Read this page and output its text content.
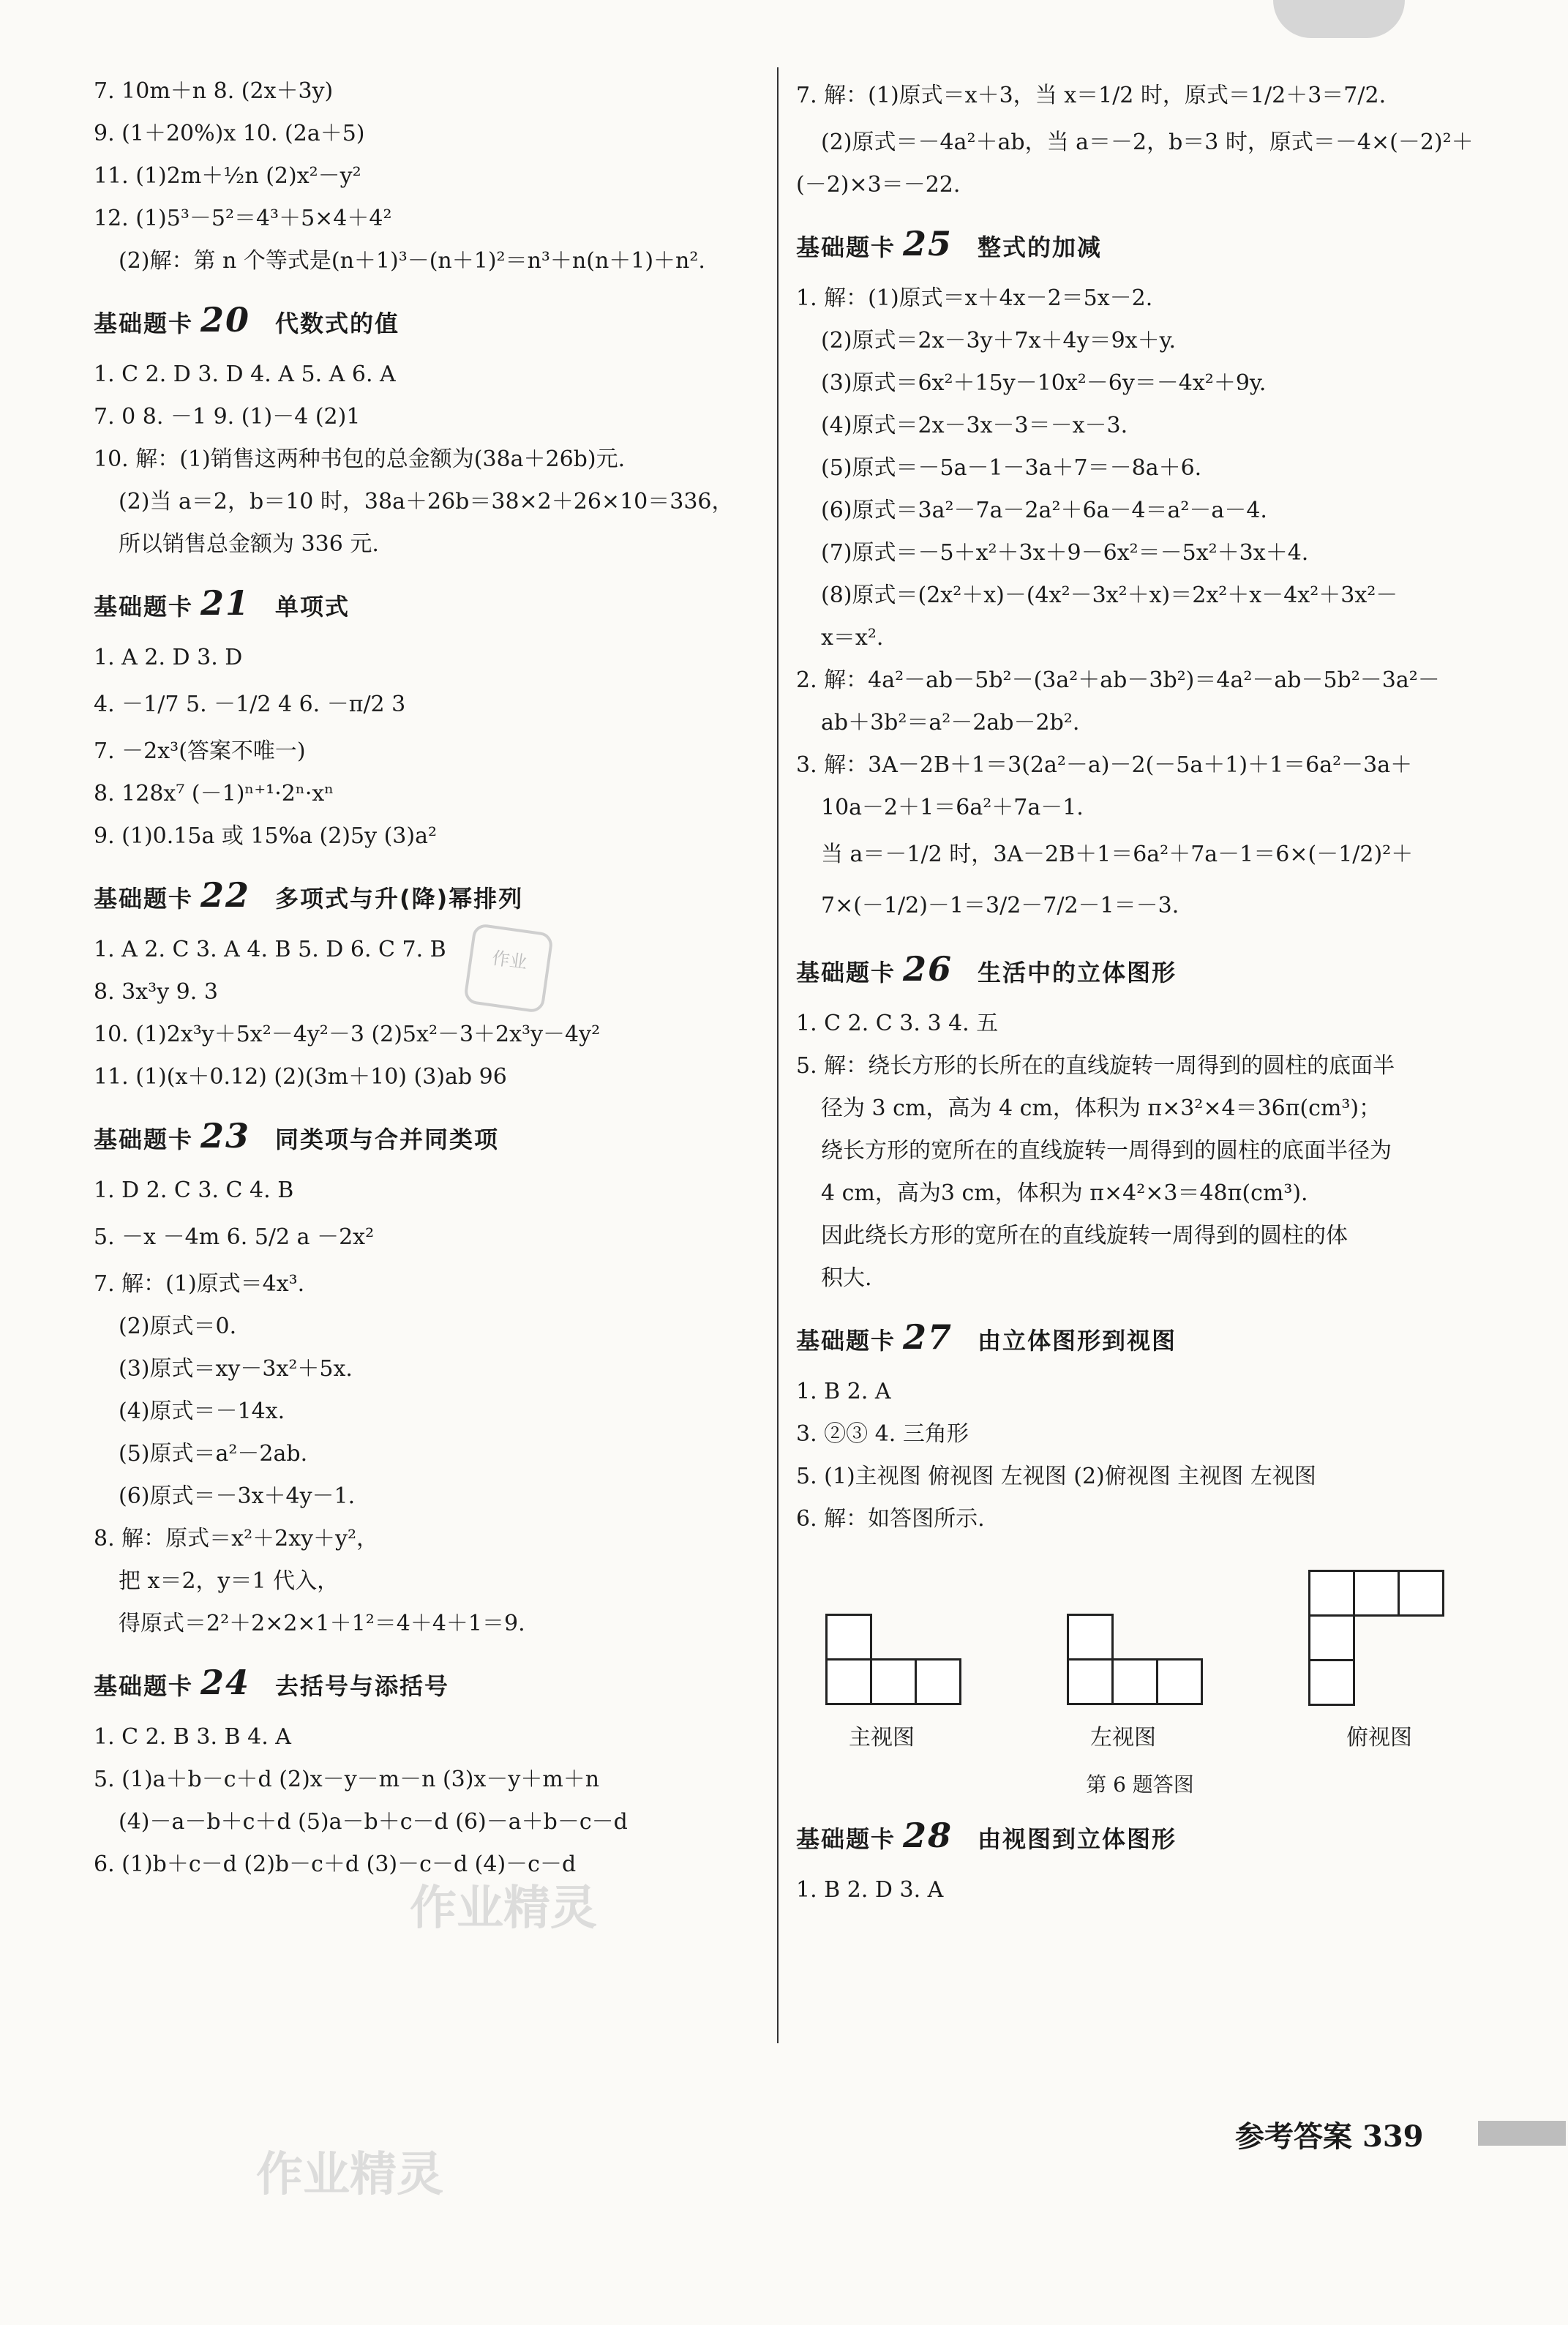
7. 10m＋n 8. (2x＋3y)
9. (1＋20%)x 10. (2a＋5)
11. (1)2m＋½n (2)x²－y²
12. (1)5³－5²＝4³＋5×4＋4²
(2)解：第 n 个等式是(n＋1)³－(n＋1)²＝n³＋n(n＋1)＋n².
基础题卡 20 代数式的值
1. C 2. D 3. D 4. A 5. A 6. A
7. 0 8. －1 9. (1)－4 (2)1
10. 解：(1)销售这两种书包的总金额为(38a＋26b)元.
(2)当 a＝2，b＝10 时，38a＋26b＝38×2＋26×10＝336，
所以销售总金额为 336 元.
基础题卡 21 单项式
1. A 2. D 3. D
4. －1/7 5. －1/2 4 6. －π/2 3
7. －2x³(答案不唯一)
8. 128x⁷ (－1)ⁿ⁺¹·2ⁿ·xⁿ
9. (1)0.15a 或 15%a (2)5y (3)a²
基础题卡 22 多项式与升(降)幂排列
1. A 2. C 3. A 4. B 5. D 6. C 7. B
8. 3x³y 9. 3
10. (1)2x³y＋5x²－4y²－3 (2)5x²－3＋2x³y－4y²
11. (1)(x＋0.12) (2)(3m＋10) (3)ab 96
基础题卡 23 同类项与合并同类项
1. D 2. C 3. C 4. B
5. －x －4m 6. 5/2 a －2x²
7. 解：(1)原式＝4x³.
(2)原式＝0.
(3)原式＝xy－3x²＋5x.
(4)原式＝－14x.
(5)原式＝a²－2ab.
(6)原式＝－3x＋4y－1.
8. 解：原式＝x²＋2xy＋y²，
把 x＝2，y＝1 代入，
得原式＝2²＋2×2×1＋1²＝4＋4＋1＝9.
基础题卡 24 去括号与添括号
1. C 2. B 3. B 4. A
5. (1)a＋b－c＋d (2)x－y－m－n (3)x－y＋m＋n
(4)－a－b＋c＋d (5)a－b＋c－d (6)－a＋b－c－d
6. (1)b＋c－d (2)b－c＋d (3)－c－d (4)－c－d
7. 解：(1)原式＝x＋3，当 x＝1/2 时，原式＝1/2＋3＝7/2.
(2)原式＝－4a²＋ab，当 a＝－2，b＝3 时，原式＝－4×(－2)²＋
(－2)×3＝－22.
基础题卡 25 整式的加减
1. 解：(1)原式＝x＋4x－2＝5x－2.
(2)原式＝2x－3y＋7x＋4y＝9x＋y.
(3)原式＝6x²＋15y－10x²－6y＝－4x²＋9y.
(4)原式＝2x－3x－3＝－x－3.
(5)原式＝－5a－1－3a＋7＝－8a＋6.
(6)原式＝3a²－7a－2a²＋6a－4＝a²－a－4.
(7)原式＝－5＋x²＋3x＋9－6x²＝－5x²＋3x＋4.
(8)原式＝(2x²＋x)－(4x²－3x²＋x)＝2x²＋x－4x²＋3x²－
x＝x².
2. 解：4a²－ab－5b²－(3a²＋ab－3b²)＝4a²－ab－5b²－3a²－
ab＋3b²＝a²－2ab－2b².
3. 解：3A－2B＋1＝3(2a²－a)－2(－5a＋1)＋1＝6a²－3a＋
10a－2＋1＝6a²＋7a－1.
当 a＝－1/2 时，3A－2B＋1＝6a²＋7a－1＝6×(－1/2)²＋
7×(－1/2)－1＝3/2－7/2－1＝－3.
基础题卡 26 生活中的立体图形
1. C 2. C 3. 3 4. 五
5. 解：绕长方形的长所在的直线旋转一周得到的圆柱的底面半
径为 3 cm，高为 4 cm，体积为 π×3²×4＝36π(cm³)；
绕长方形的宽所在的直线旋转一周得到的圆柱的底面半径为
4 cm，高为3 cm，体积为 π×4²×3＝48π(cm³).
因此绕长方形的宽所在的直线旋转一周得到的圆柱的体
积大.
基础题卡 27 由立体图形到视图
1. B 2. A
3. ②③ 4. 三角形
5. (1)主视图 俯视图 左视图 (2)俯视图 主视图 左视图
6. 解：如答图所示.
主视图	左视图	俯视图
第 6 题答图
基础题卡 28 由视图到立体图形
1. B 2. D 3. A
作业精灵
作业精灵
作业
参考答案 339
